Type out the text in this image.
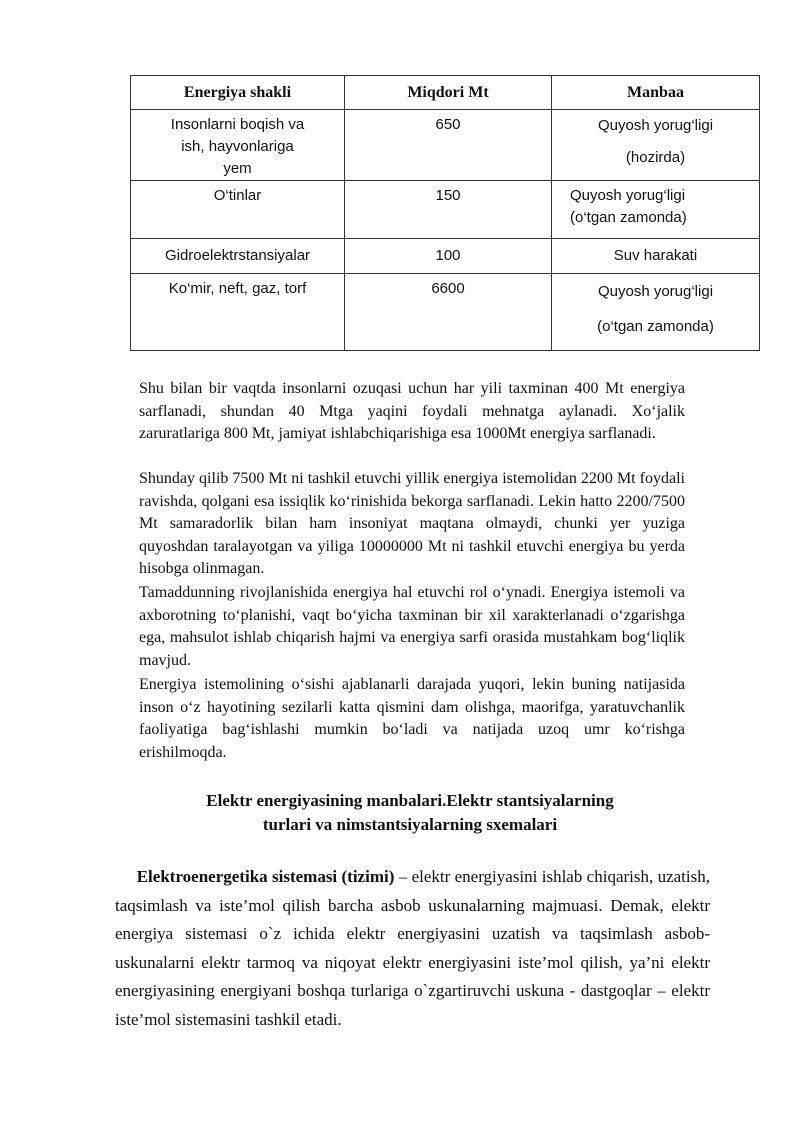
Energiya shakli	Miqdori Mt	Manbaa

Insonlarni boqish va
ish, hayvonlariga
yem	650	Quyosh yorug‘ligi
(hozirda)

O‘tinlar	150	Quyosh yorug‘ligi
(o‘tgan zamonda)

Gidroelektrstansiyalar	100	Suv harakati

Ko‘mir, neft, gaz, torf	6600	Quyosh yorug‘ligi
(o‘tgan zamonda)

Shu bilan bir vaqtda insonlarni ozuqasi uchun har yili taxminan 400 Mt energiya sarflanadi, shundan 40 Mtga yaqini foydali mehnatga aylanadi. Xo‘jalik zaruratlariga 800 Mt, jamiyat ishlabchiqarishiga esa 1000Mt energiya sarflanadi.

Shunday qilib 7500 Mt ni tashkil etuvchi yillik energiya istemolidan 2200 Mt foydali ravishda, qolgani esa issiqlik ko‘rinishida bekorga sarflanadi. Lekin hatto 2200/7500 Mt samaradorlik bilan ham insoniyat maqtana olmaydi, chunki yer yuziga quyoshdan taralayotgan va yiliga 10000000 Mt ni tashkil etuvchi energiya bu yerda hisobga olinmagan.

Tamaddunning rivojlanishida energiya hal etuvchi rol o‘ynadi. Energiya istemoli va axborotning to‘planishi, vaqt bo‘yicha taxminan bir xil xarakterlanadi o‘zgarishga ega, mahsulot ishlab chiqarish hajmi va energiya sarfi orasida mustahkam bog‘liqlik mavjud.

Energiya istemolining o‘sishi ajablanarli darajada yuqori, lekin buning natijasida inson o‘z hayotining sezilarli katta qismini dam olishga, maorifga, yaratuvchanlik faoliyatiga bag‘ishlashi mumkin bo‘ladi va natijada uzoq umr ko‘rishga erishilmoqda.

Elektr energiyasining manbalari.Elektr stantsiyalarning
turlari va nimstantsiyalarning sxemalari

Elektroenergetika sistemasi (tizimi) – elektr energiyasini ishlab chiqarish, uzatish, taqsimlash va iste’mol qilish barcha asbob uskunalarning majmuasi. Demak, elektr energiya sistemasi o`z ichida elektr energiyasini uzatish va taqsimlash asbob-uskunalarni elektr tarmoq va niqoyat elektr energiyasini iste’mol qilish, ya’ni elektr energiyasining energiyani boshqa turlariga o`zgartiruvchi uskuna - dastgoqlar – elektr iste’mol sistemasini tashkil etadi.
